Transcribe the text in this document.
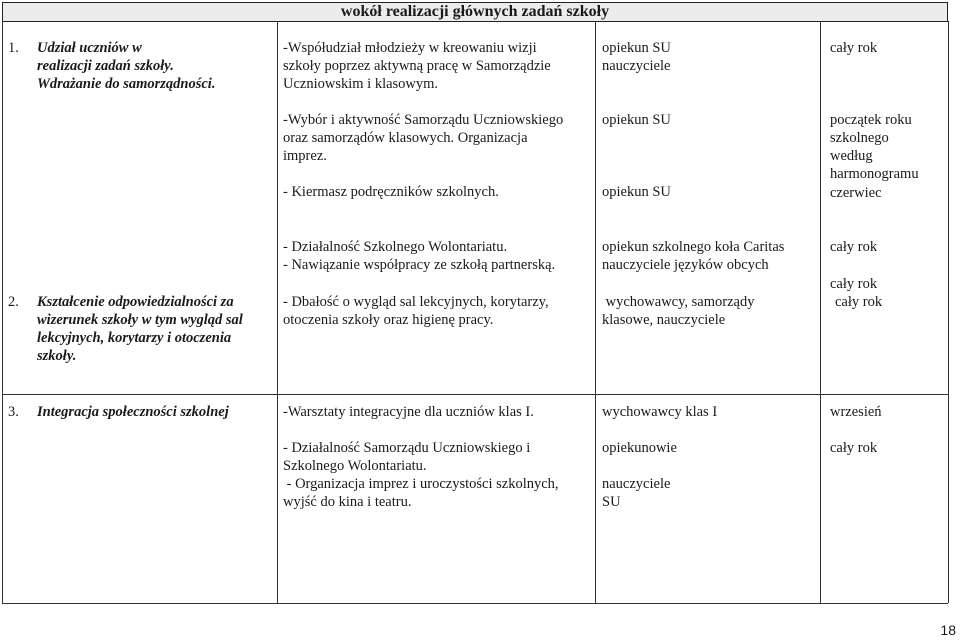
wokół realizacji głównych zadań szkoły
1. Udział uczniów w
realizacji zadań szkoły.
Wdrażanie do samorządności.
-Współudział młodzieży w kreowaniu wizji
szkoły poprzez aktywną pracę w Samorządzie
Uczniowskim i klasowym.
-Wybór i aktywność Samorządu Uczniowskiego
oraz samorządów klasowych. Organizacja
imprez.
- Kiermasz podręczników szkolnych.
- Działalność Szkolnego Wolontariatu.
- Nawiązanie współpracy ze szkołą partnerską.
opiekun SU
nauczyciele
opiekun SU
opiekun SU
opiekun szkolnego koła Caritas
nauczyciele języków obcych
cały rok
początek roku
szkolnego
według
harmonogramu
czerwiec
cały rok
cały rok
2. Kształcenie odpowiedzialności za
wizerunek szkoły w tym wygląd sal
lekcyjnych, korytarzy i otoczenia
szkoły.
- Dbałość o wygląd sal lekcyjnych, korytarzy,
otoczenia szkoły oraz higienę pracy.
wychowawcy, samorządy
klasowe, nauczyciele
cały rok
3. Integracja społeczności szkolnej	-Warsztaty integracyjne dla uczniów klas I.
- Działalność Samorządu Uczniowskiego i
Szkolnego Wolontariatu.
- Organizacja imprez i uroczystości szkolnych,
wyjść do kina i teatru.
wychowawcy klas I
opiekunowie
nauczyciele
SU
wrzesień
cały rok
18
